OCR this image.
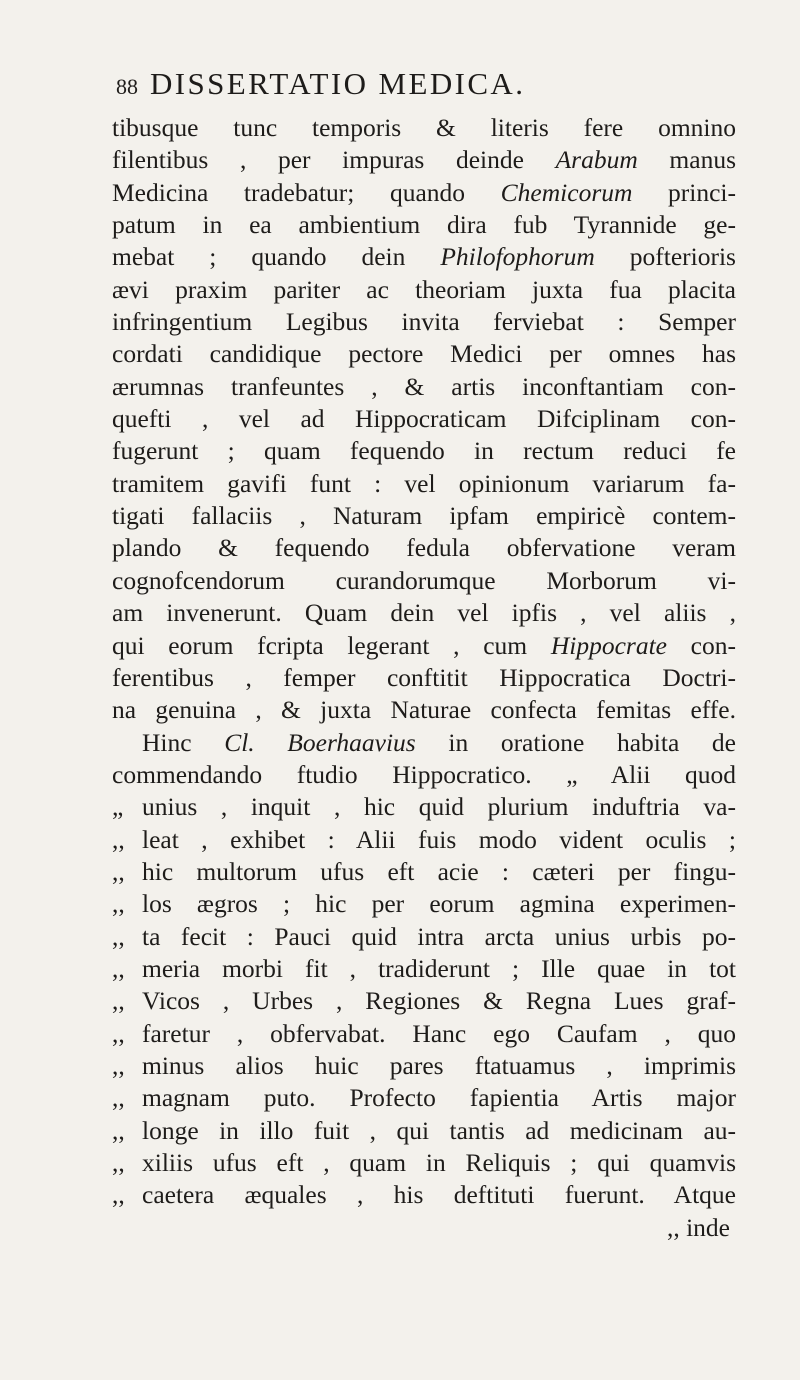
88 DISSERTATIO MEDICA.
tibusque tunc temporis & literis fere omnino
filentibus , per impuras deinde Arabum manus
Medicina tradebatur; quando Chemicorum princi-
patum in ea ambientium dira fub Tyrannide ge-
mebat ; quando dein Philofophorum pofterioris
ævi praxim pariter ac theoriam juxta fua placita
infringentium Legibus invita ferviebat : Semper
cordati candidique pectore Medici per omnes has
ærumnas tranfeuntes , & artis inconftantiam con-
quefti , vel ad Hippocraticam Difciplinam con-
fugerunt ; quam fequendo in rectum reduci fe
tramitem gavifi funt : vel opinionum variarum fa-
tigati fallaciis , Naturam ipfam empiricè contem-
plando & fequendo fedula obfervatione veram
cognofcendorum curandorumque Morborum vi-
am invenerunt. Quam dein vel ipfis , vel aliis ,
qui eorum fcripta legerant , cum Hippocrate con-
ferentibus , femper conftitit Hippocratica Doctri-
na genuina , & juxta Naturae confecta femitas effe.
Hinc Cl. Boerhaavius in oratione habita de
commendando ftudio Hippocratico. „ Alii quod
„ unius , inquit , hic quid plurium induftria va-
,, leat , exhibet : Alii fuis modo vident oculis ;
,, hic multorum ufus eft acie : cæteri per fingu-
,, los ægros ; hic per eorum agmina experimen-
,, ta fecit : Pauci quid intra arcta unius urbis po-
,, meria morbi fit , tradiderunt ; Ille quae in tot
,, Vicos , Urbes , Regiones & Regna Lues graf-
,, faretur , obfervabat. Hanc ego Caufam , quo
,, minus alios huic pares ftatuamus , imprimis
,, magnam puto. Profecto fapientia Artis major
,, longe in illo fuit , qui tantis ad medicinam au-
,, xiliis ufus eft , quam in Reliquis ; qui quamvis
,, caetera æquales , his deftituti fuerunt. Atque
,, inde
